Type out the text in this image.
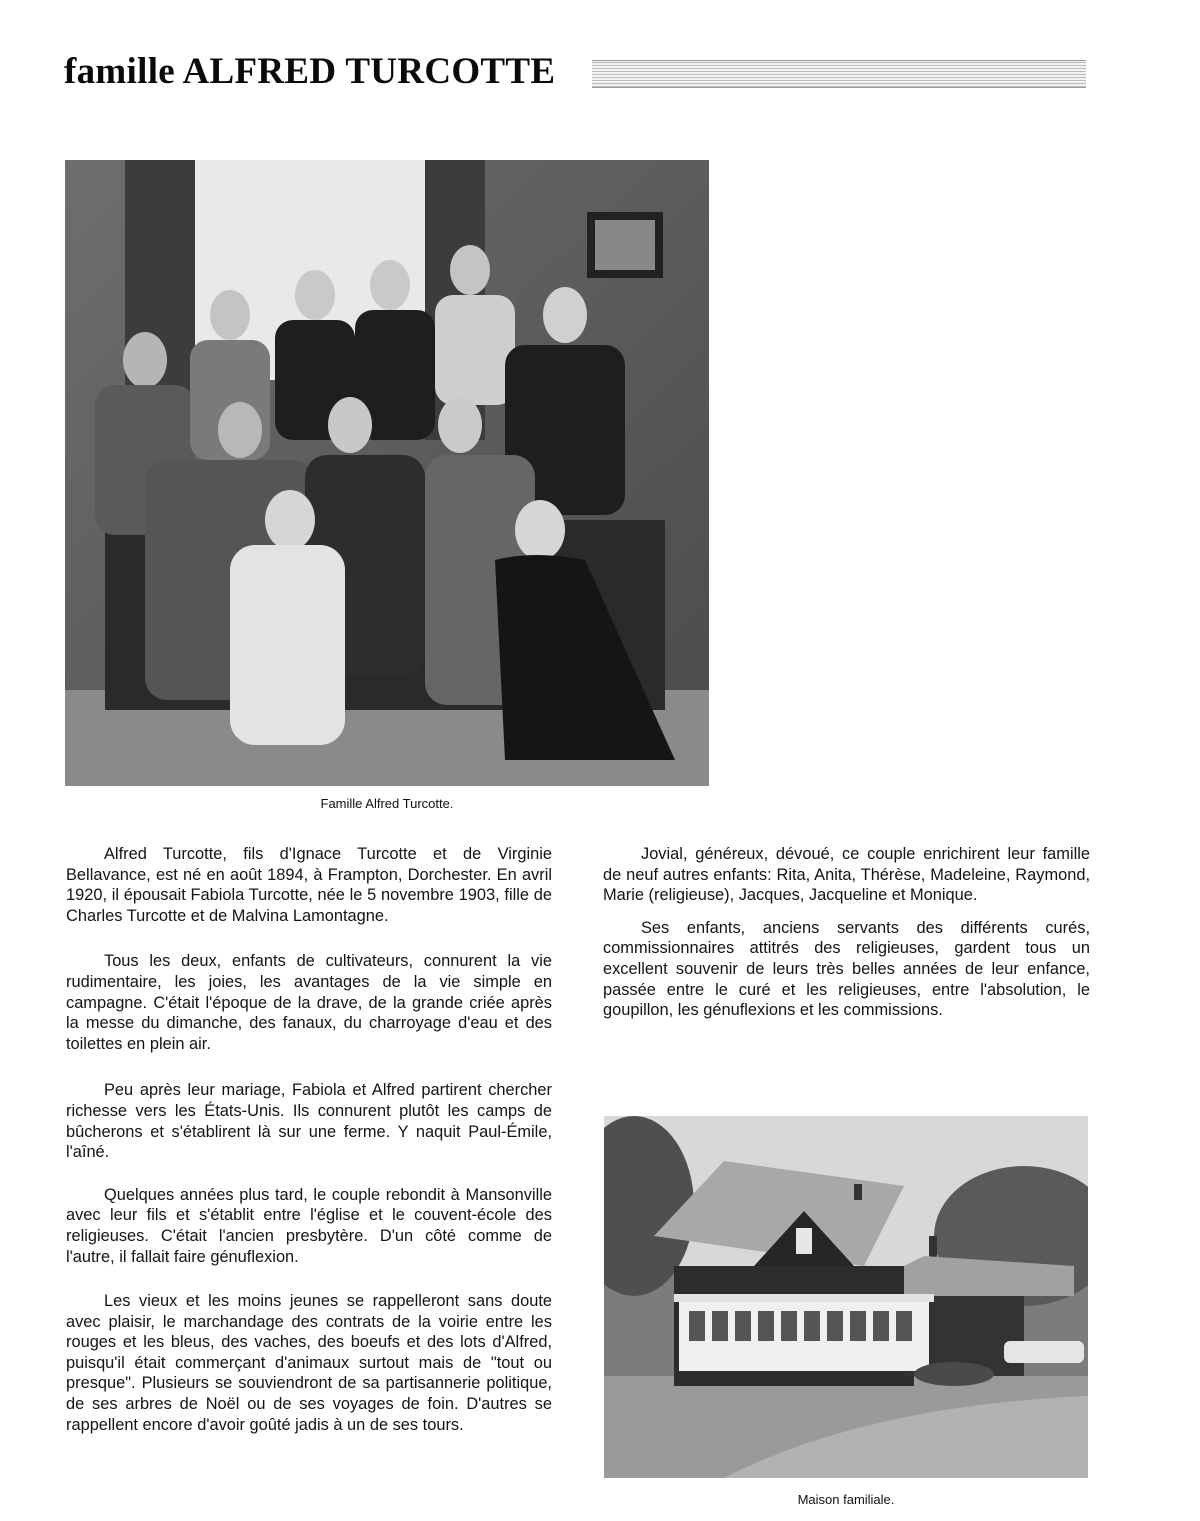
famille ALFRED TURCOTTE
Famille Alfred Turcotte.

Alfred Turcotte, fils d'Ignace Turcotte et de Virginie Bellavance, est né en août 1894, à Frampton, Dorchester. En avril 1920, il épousait Fabiola Turcotte, née le 5 novembre 1903, fille de Charles Turcotte et de Malvina Lamontagne.

Tous les deux, enfants de cultivateurs, connurent la vie rudimentaire, les joies, les avantages de la vie simple en campagne. C'était l'époque de la drave, de la grande criée après la messe du dimanche, des fanaux, du charroyage d'eau et des toilettes en plein air.

Peu après leur mariage, Fabiola et Alfred partirent chercher richesse vers les États-Unis. Ils connurent plutôt les camps de bûcherons et s'établirent là sur une ferme. Y naquit Paul-Émile, l'aîné.

Quelques années plus tard, le couple rebondit à Mansonville avec leur fils et s'établit entre l'église et le couvent-école des religieuses. C'était l'ancien presbytère. D'un côté comme de l'autre, il fallait faire génuflexion.

Les vieux et les moins jeunes se rappelleront sans doute avec plaisir, le marchandage des contrats de la voirie entre les rouges et les bleus, des vaches, des boeufs et des lots d'Alfred, puisqu'il était commerçant d'animaux surtout mais de "tout ou presque". Plusieurs se souviendront de sa partisannerie politique, de ses arbres de Noël ou de ses voyages de foin. D'autres se rappellent encore d'avoir goûté jadis à un de ses tours.

Jovial, généreux, dévoué, ce couple enrichirent leur famille de neuf autres enfants: Rita, Anita, Thérèse, Madeleine, Raymond, Marie (religieuse), Jacques, Jacqueline et Monique.

Ses enfants, anciens servants des différents curés, commissionnaires attitrés des religieuses, gardent tous un excellent souvenir de leurs très belles années de leur enfance, passée entre le curé et les religieuses, entre l'absolution, le goupillon, les génuflexions et les commissions.

Maison familiale.
